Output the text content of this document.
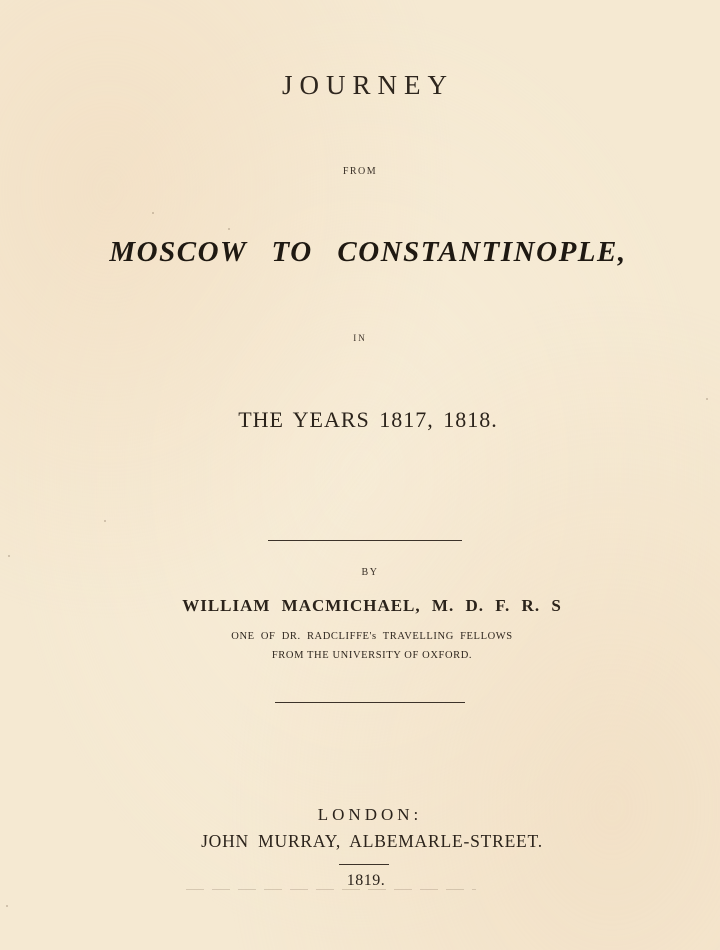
JOURNEY
FROM
MOSCOW TO CONSTANTINOPLE,
IN
THE YEARS 1817, 1818.
BY
WILLIAM MACMICHAEL, M. D. F. R. S
ONE OF DR. RADCLIFFE's TRAVELLING FELLOWS
FROM THE UNIVERSITY OF OXFORD.
LONDON:
JOHN MURRAY, ALBEMARLE-STREET.
1819.
